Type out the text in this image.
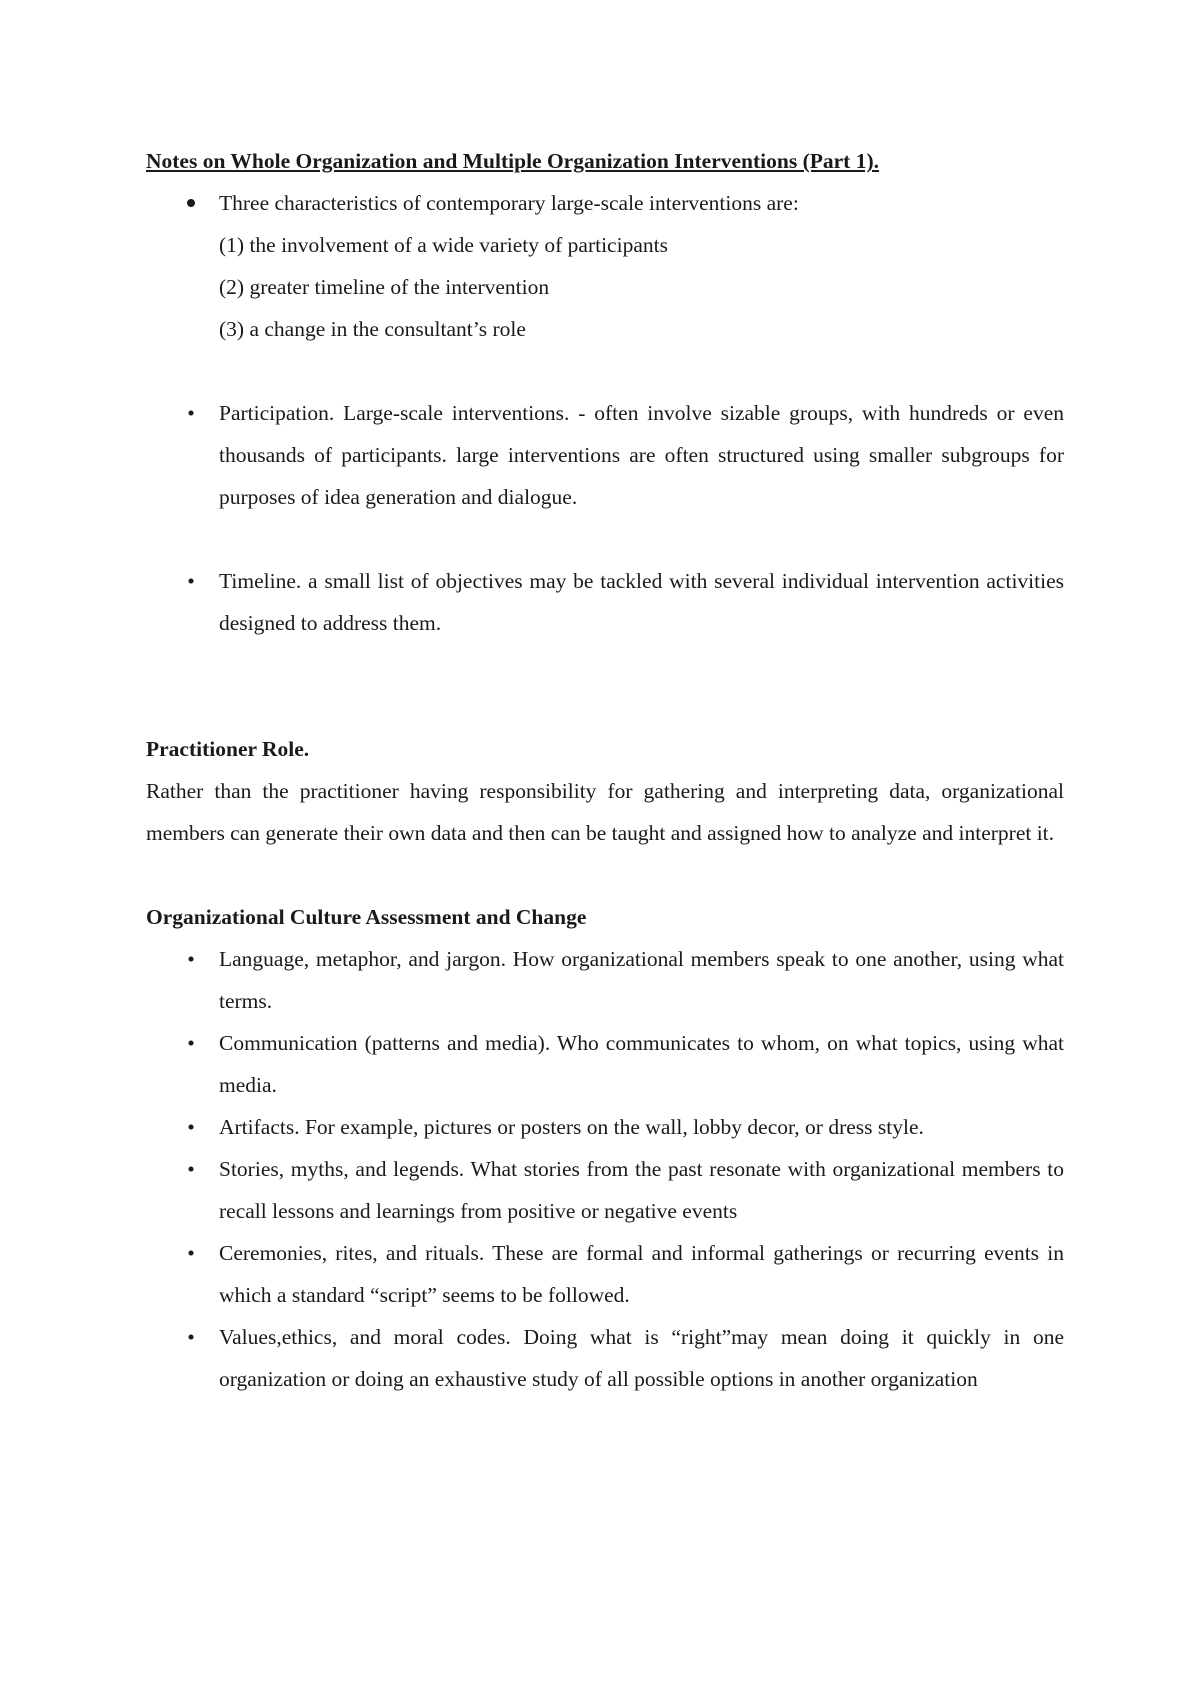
Notes on Whole Organization and Multiple Organization Interventions (Part 1).

Three characteristics of contemporary large-scale interventions are:
(1) the involvement of a wide variety of participants
(2) greater timeline of the intervention
(3) a change in the consultant’s role
• Participation. Large-scale interventions. - often involve sizable groups, with hundreds or even thousands of participants. large interventions are often structured using smaller subgroups for purposes of idea generation and dialogue.
• Timeline. a small list of objectives may be tackled with several individual intervention activities designed to address them.

Practitioner Role.

Rather than the practitioner having responsibility for gathering and interpreting data, organizational members can generate their own data and then can be taught and assigned how to analyze and interpret it.

Organizational Culture Assessment and Change

• Language, metaphor, and jargon. How organizational members speak to one another, using what terms.
• Communication (patterns and media). Who communicates to whom, on what topics, using what media.
• Artifacts. For example, pictures or posters on the wall, lobby decor, or dress style.
• Stories, myths, and legends. What stories from the past resonate with organizational members to recall lessons and learnings from positive or negative events
• Ceremonies, rites, and rituals. These are formal and informal gatherings or recurring events in which a standard “script” seems to be followed.
• Values,ethics, and moral codes. Doing what is “right”may mean doing it quickly in one organization or doing an exhaustive study of all possible options in another organization
